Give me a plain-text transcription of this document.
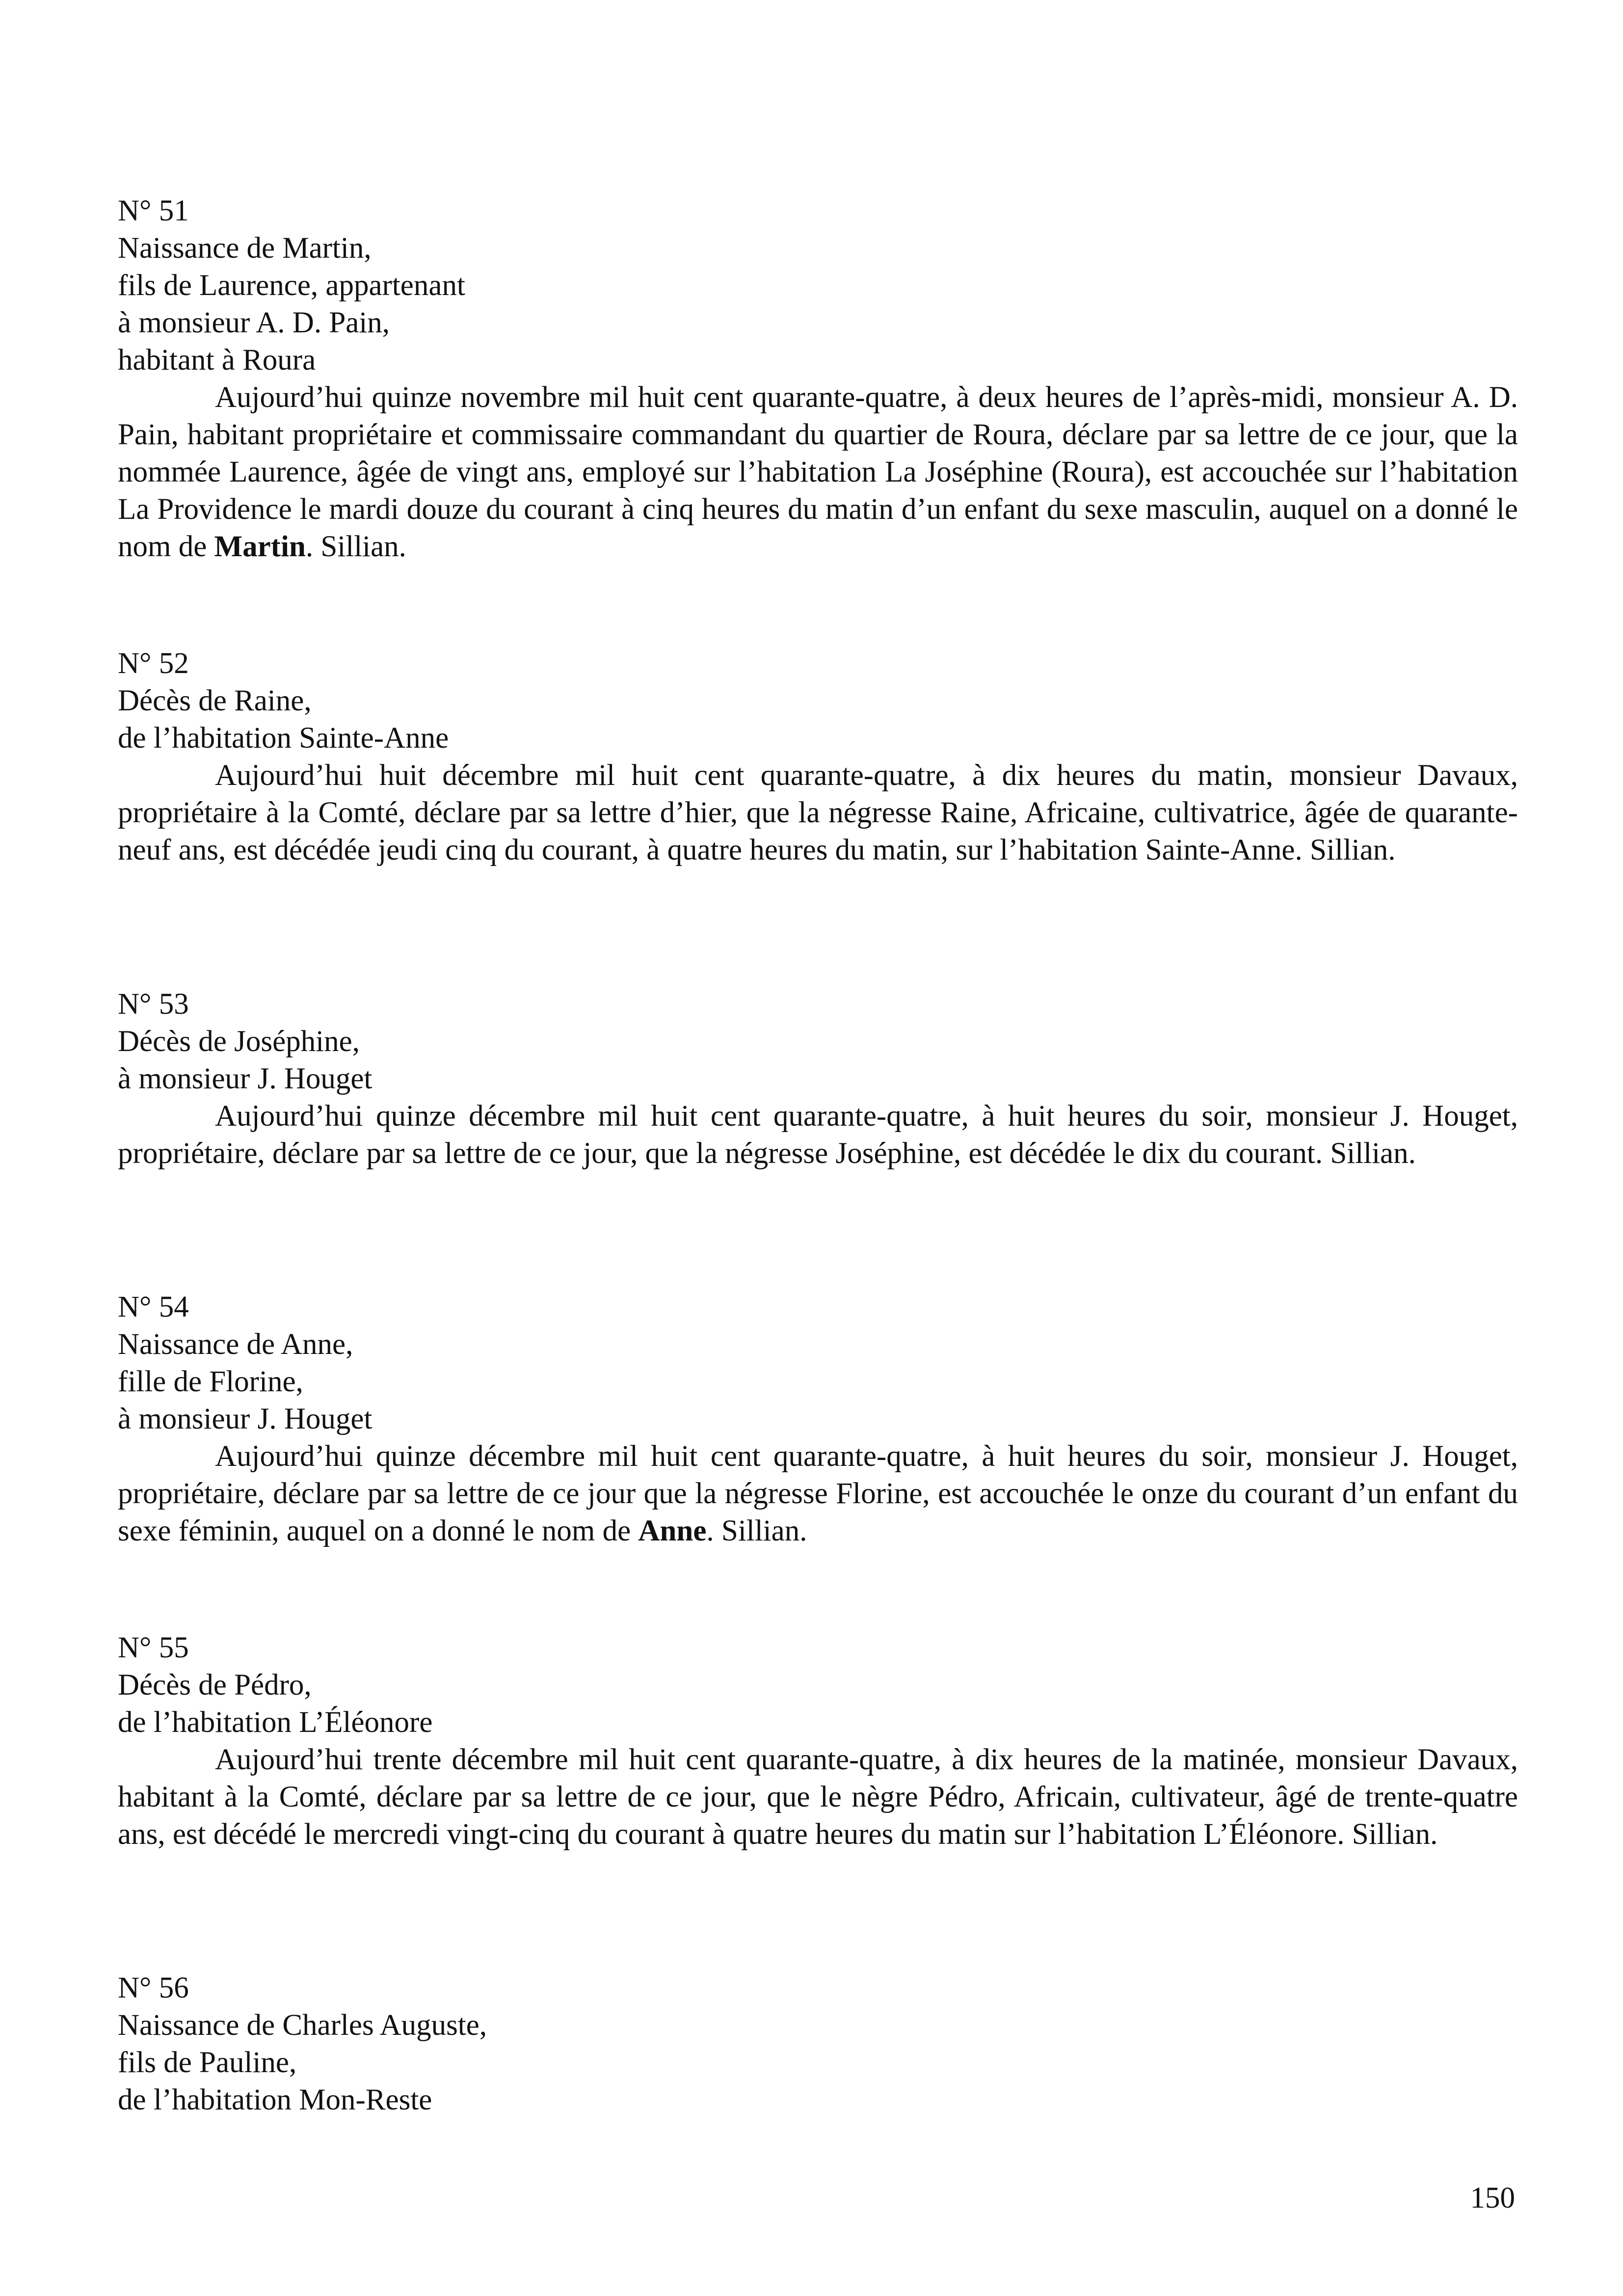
N° 51
Naissance de Martin,
fils de Laurence, appartenant
à monsieur A. D. Pain,
habitant à Roura

Aujourd’hui quinze novembre mil huit cent quarante-quatre, à deux heures de l’après-midi, monsieur A. D. Pain, habitant propriétaire et commissaire commandant du quartier de Roura, déclare par sa lettre de ce jour, que la nommée Laurence, âgée de vingt ans, employé sur l’habitation La Joséphine (Roura), est accouchée sur l’habitation La Providence le mardi douze du courant à cinq heures du matin d’un enfant du sexe masculin, auquel on a donné le nom de Martin. Sillian.

N° 52
Décès de Raine,
de l’habitation Sainte-Anne

Aujourd’hui huit décembre mil huit cent quarante-quatre, à dix heures du matin, monsieur Davaux, propriétaire à la Comté, déclare par sa lettre d’hier, que la négresse Raine, Africaine, cultivatrice, âgée de quarante-neuf ans, est décédée jeudi cinq du courant, à quatre heures du matin, sur l’habitation Sainte-Anne. Sillian.

N° 53
Décès de Joséphine,
à monsieur J. Houget

Aujourd’hui quinze décembre mil huit cent quarante-quatre, à huit heures du soir, monsieur J. Houget, propriétaire, déclare par sa lettre de ce jour, que la négresse Joséphine, est décédée le dix du courant. Sillian.

N° 54
Naissance de Anne,
fille de Florine,
à monsieur J. Houget

Aujourd’hui quinze décembre mil huit cent quarante-quatre, à huit heures du soir, monsieur J. Houget, propriétaire, déclare par sa lettre de ce jour que la négresse Florine, est accouchée le onze du courant d’un enfant du sexe féminin, auquel on a donné le nom de Anne. Sillian.

N° 55
Décès de Pédro,
de l’habitation L’Éléonore

Aujourd’hui trente décembre mil huit cent quarante-quatre, à dix heures de la matinée, monsieur Davaux, habitant à la Comté, déclare par sa lettre de ce jour, que le nègre Pédro, Africain, cultivateur, âgé de trente-quatre ans, est décédé le mercredi vingt-cinq du courant à quatre heures du matin sur l’habitation L’Éléonore. Sillian.

N° 56
Naissance de Charles Auguste,
fils de Pauline,
de l’habitation Mon-Reste
150
